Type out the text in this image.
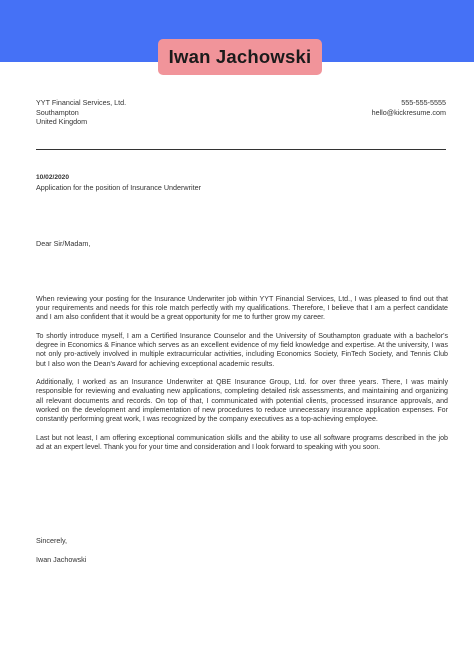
Iwan Jachowski
YYT Financial Services, Ltd.
Southampton
United Kingdom
555-555-5555
hello@kickresume.com
10/02/2020
Application for the position of Insurance Underwriter
Dear Sir/Madam,

When reviewing your posting for the Insurance Underwriter job within YYT Financial Services, Ltd., I was pleased to find out that your requirements and needs for this role match perfectly with my qualifications. Therefore, I believe that I am a perfect candidate and I am also confident that it would be a great opportunity for me to further grow my career.

To shortly introduce myself, I am a Certified Insurance Counselor and the University of Southampton graduate with a bachelor's degree in Economics & Finance which serves as an excellent evidence of my field knowledge and expertise. At the university, I was not only pro-actively involved in multiple extracurricular activities, including Economics Society, FinTech Society, and Tennis Club but I also won the Dean's Award for achieving exceptional academic results.

Additionally, I worked as an Insurance Underwriter at QBE Insurance Group, Ltd. for over three years. There, I was mainly responsible for reviewing and evaluating new applications, completing detailed risk assessments, and maintaining and organizing all relevant documents and records. On top of that, I communicated with potential clients, processed insurance approvals, and worked on the development and implementation of new procedures to reduce unnecessary insurance application expenses. For constantly performing great work, I was recognized by the company executives as a top-achieving employee.

Last but not least, I am offering exceptional communication skills and the ability to use all software programs described in the job ad at an expert level. Thank you for your time and consideration and I look forward to speaking with you soon.

Sincerely,
Iwan Jachowski
